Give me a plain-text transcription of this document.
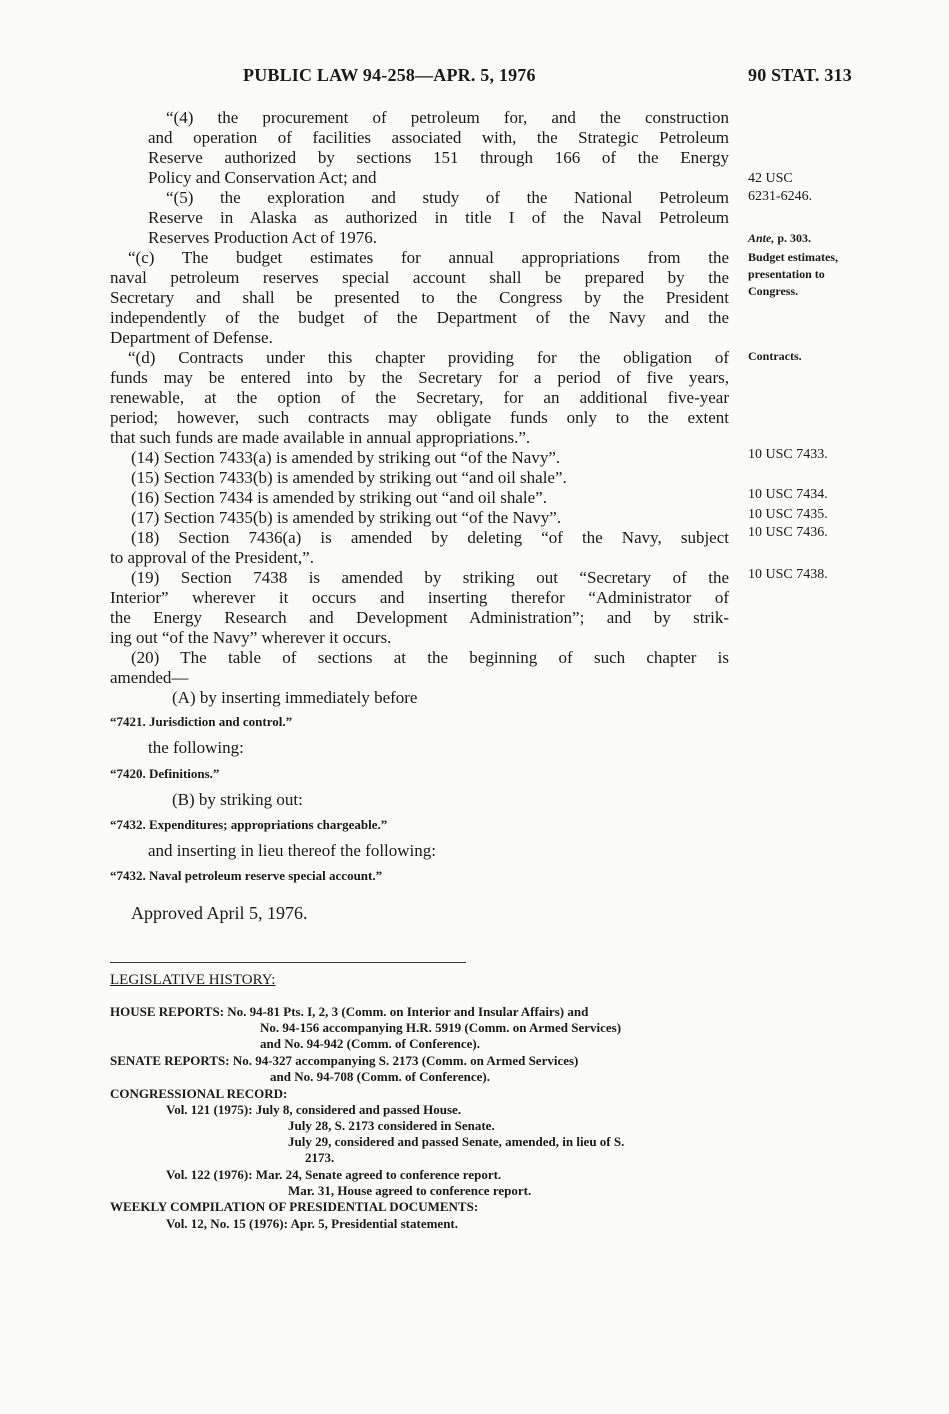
PUBLIC LAW 94-258—APR. 5, 1976	90 STAT. 313
“(4) the procurement of petroleum for, and the construction
and operation of facilities associated with, the Strategic Petroleum
Reserve authorized by sections 151 through 166 of the Energy
Policy and Conservation Act; and
“(5) the exploration and study of the National Petroleum
Reserve in Alaska as authorized in title I of the Naval Petroleum
Reserves Production Act of 1976.
“(c) The budget estimates for annual appropriations from the
naval petroleum reserves special account shall be prepared by the
Secretary and shall be presented to the Congress by the President
independently of the budget of the Department of the Navy and the
Department of Defense.
“(d) Contracts under this chapter providing for the obligation of
funds may be entered into by the Secretary for a period of five years,
renewable, at the option of the Secretary, for an additional five-year
period; however, such contracts may obligate funds only to the extent
that such funds are made available in annual appropriations.”.
(14) Section 7433(a) is amended by striking out “of the Navy”.
(15) Section 7433(b) is amended by striking out “and oil shale”.
(16) Section 7434 is amended by striking out “and oil shale”.
(17) Section 7435(b) is amended by striking out “of the Navy”.
(18) Section 7436(a) is amended by deleting “of the Navy, subject
to approval of the President,”.
(19) Section 7438 is amended by striking out “Secretary of the
Interior” wherever it occurs and inserting therefor “Administrator of
the Energy Research and Development Administration”; and by strik-
ing out “of the Navy” wherever it occurs.
(20) The table of sections at the beginning of such chapter is
amended—
(A) by inserting immediately before
“7421. Jurisdiction and control.”
the following:
“7420. Definitions.”
(B) by striking out:
“7432. Expenditures; appropriations chargeable.”
and inserting in lieu thereof the following:
“7432. Naval petroleum reserve special account.”
Approved April 5, 1976.
42 USC
6231-6246.
Ante, p. 303.
Budget estimates,
presentation to
Congress.
Contracts.
10 USC 7433.
10 USC 7434.
10 USC 7435.
10 USC 7436.
10 USC 7438.
LEGISLATIVE HISTORY:
HOUSE REPORTS: No. 94-81 Pts. I, 2, 3 (Comm. on Interior and Insular Affairs) and
No. 94-156 accompanying H.R. 5919 (Comm. on Armed Services)
and No. 94-942 (Comm. of Conference).
SENATE REPORTS: No. 94-327 accompanying S. 2173 (Comm. on Armed Services)
and No. 94-708 (Comm. of Conference).
CONGRESSIONAL RECORD:
Vol. 121 (1975): July 8, considered and passed House.
July 28, S. 2173 considered in Senate.
July 29, considered and passed Senate, amended, in lieu of S.
2173.
Vol. 122 (1976): Mar. 24, Senate agreed to conference report.
Mar. 31, House agreed to conference report.
WEEKLY COMPILATION OF PRESIDENTIAL DOCUMENTS:
Vol. 12, No. 15 (1976): Apr. 5, Presidential statement.
